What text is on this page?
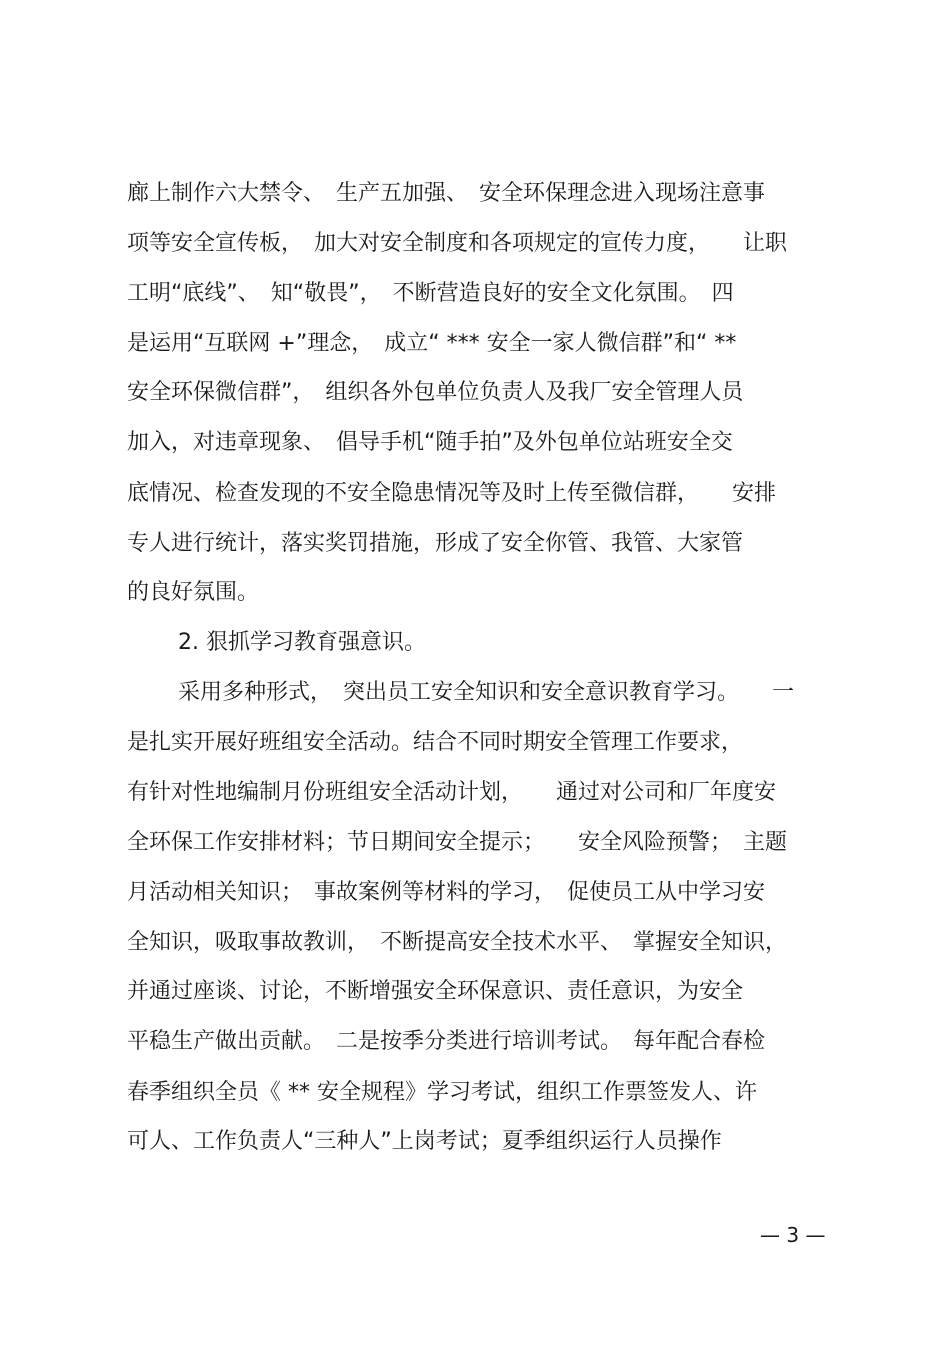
廊上制作六大禁令、　生产五加强、　安全环保理念进入现场注意事
项等安全宣传板，　加大对安全制度和各项规定的宣传力度，　　让职
工明“底线”、　知“敬畏”，　不断营造良好的安全文化氛围。　四
是运用“互联网 +”理念，　成立“ *** 安全一家人微信群”和“ **
安全环保微信群”，　组织各外包单位负责人及我厂安全管理人员
加入，对违章现象、　倡导手机“随手拍”及外包单位站班安全交
底情况、检查发现的不安全隐患情况等及时上传至微信群，　　安排
专人进行统计，落实奖罚措施，形成了安全你管、我管、大家管
的良好氛围。
2. 狠抓学习教育强意识。
采用多种形式，　突出员工安全知识和安全意识教育学习。　　一
是扎实开展好班组安全活动。结合不同时期安全管理工作要求，
有针对性地编制月份班组安全活动计划，　　通过对公司和厂年度安
全环保工作安排材料；节日期间安全提示；　　安全风险预警；　主题
月活动相关知识；　事故案例等材料的学习，　促使员工从中学习安
全知识，吸取事故教训，　不断提高安全技术水平、　掌握安全知识，
并通过座谈、讨论，不断增强安全环保意识、责任意识，为安全
平稳生产做出贡献。　二是按季分类进行培训考试。　每年配合春检
春季组织全员《 ** 安全规程》学习考试，组织工作票签发人、许
可人、工作负责人“三种人”上岗考试；夏季组织运行人员操作
— 3 —
